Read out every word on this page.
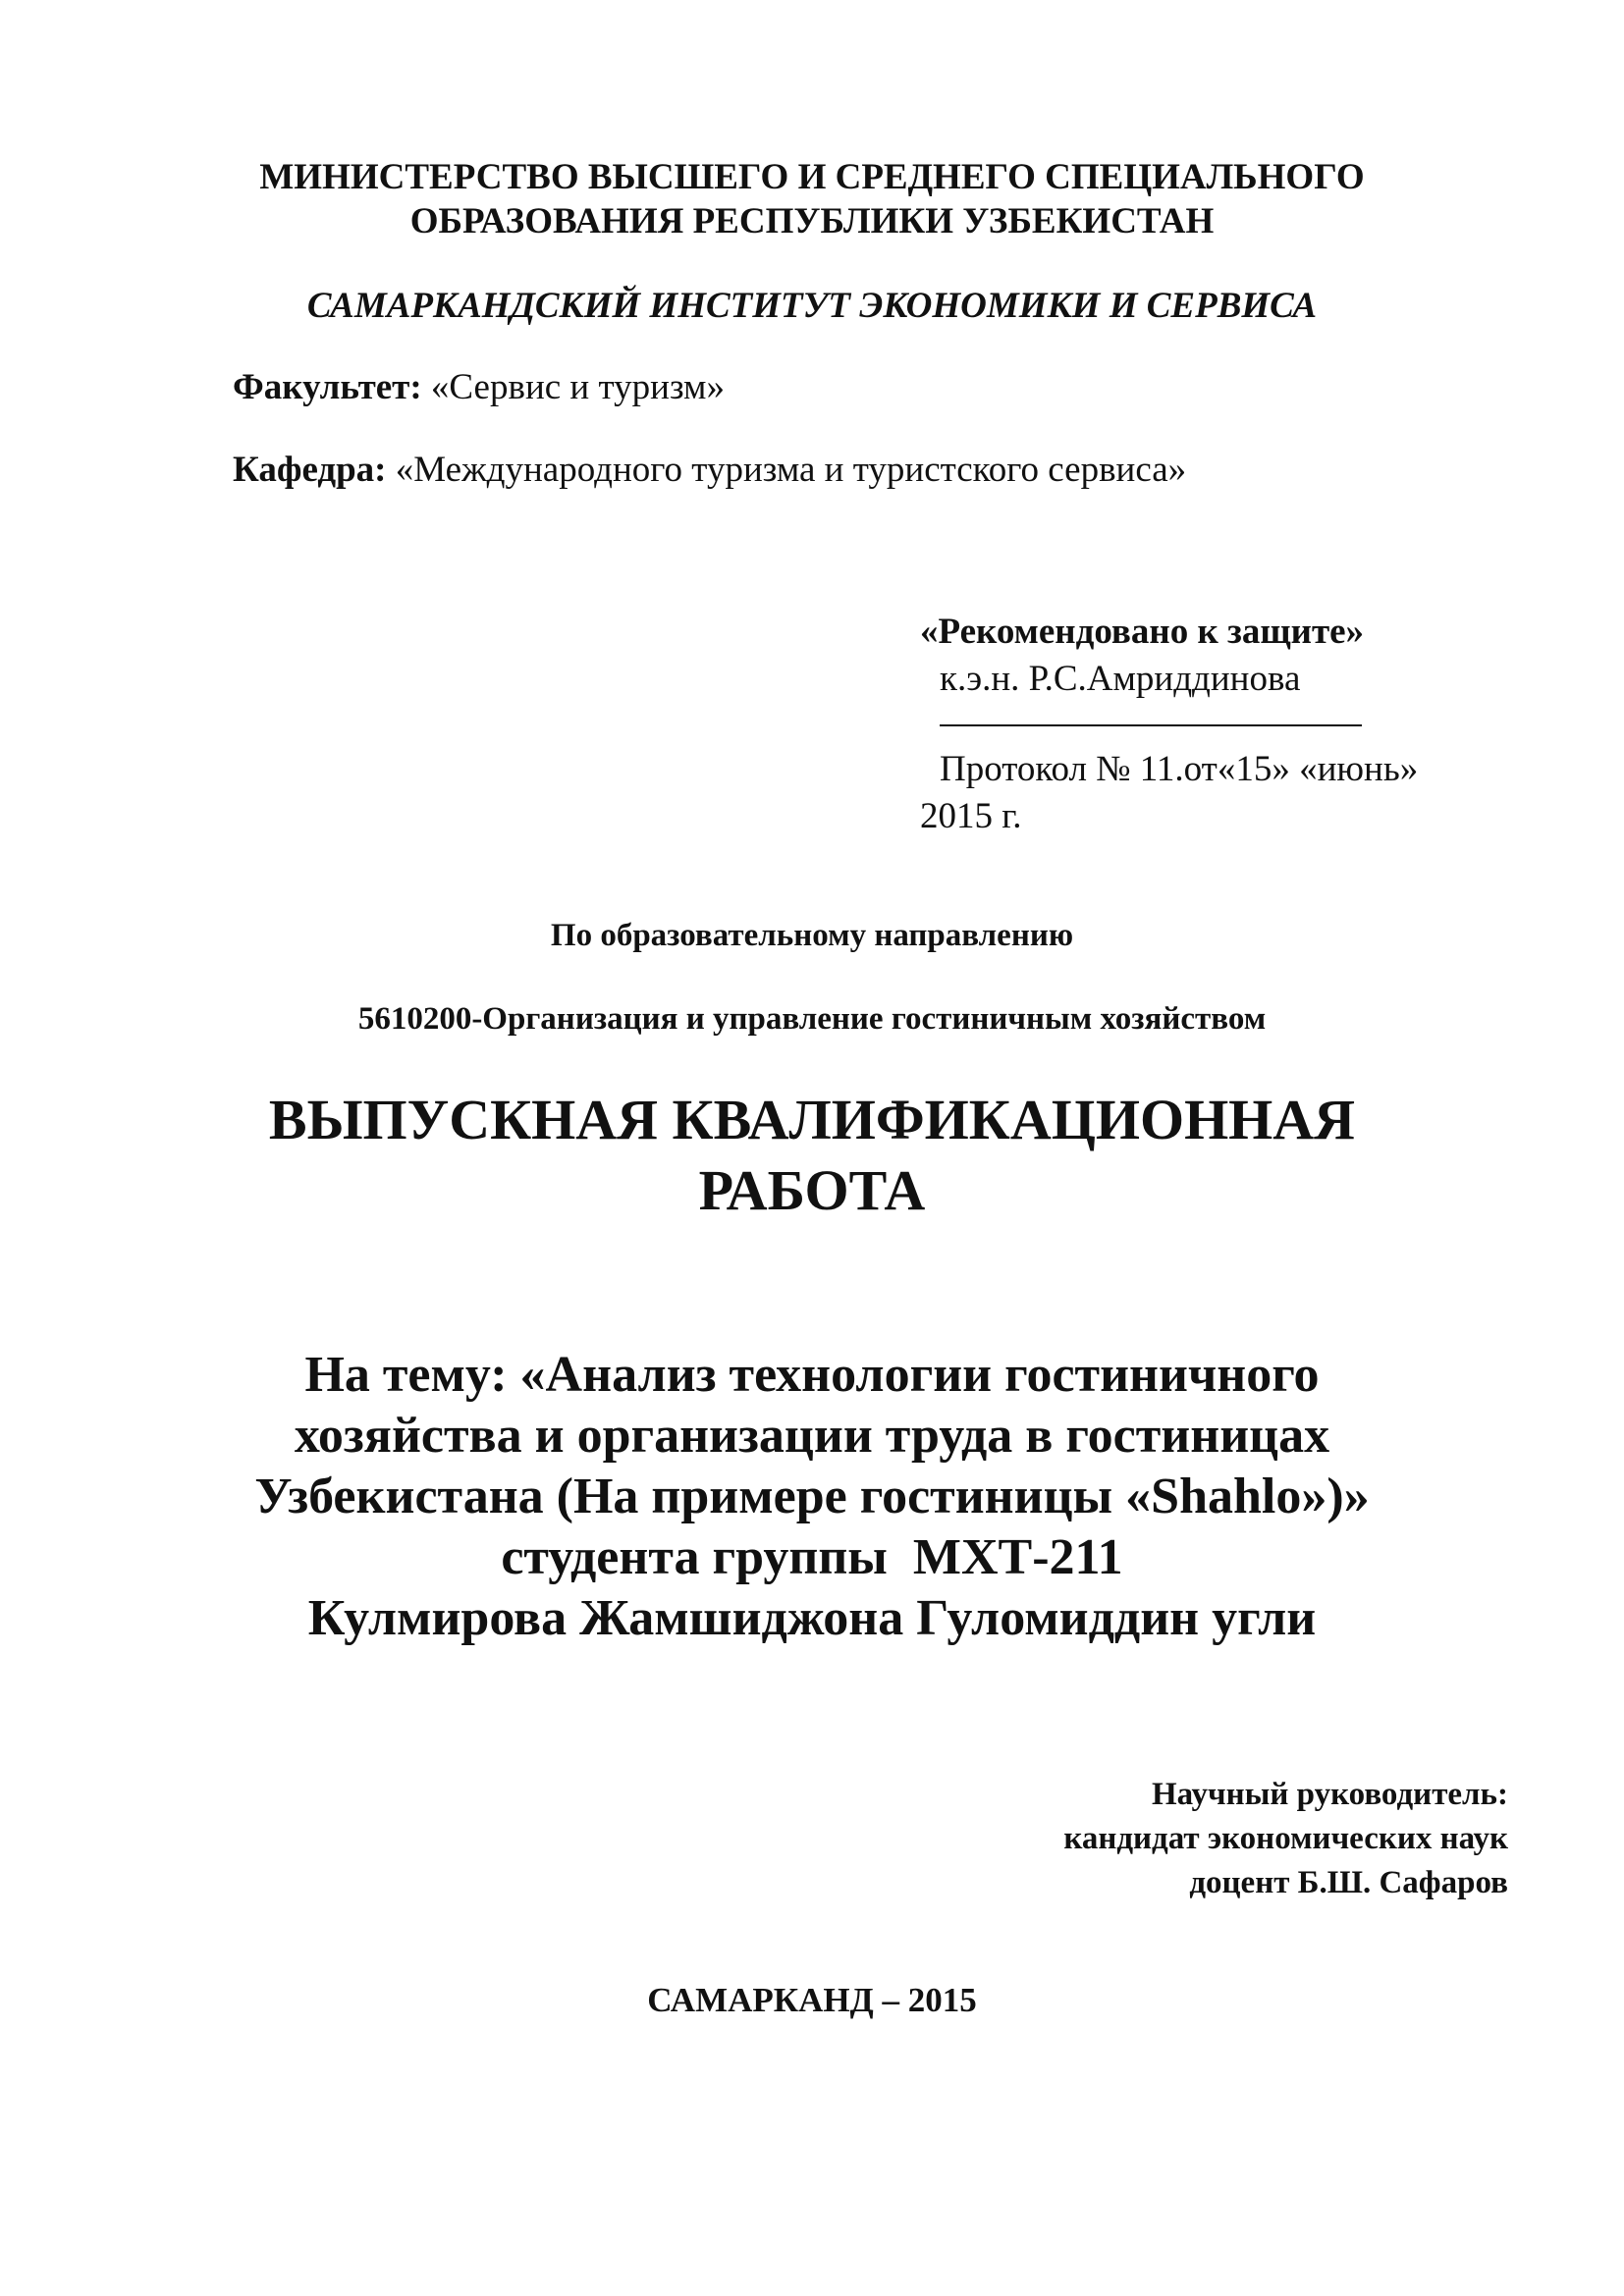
МИНИСТЕРСТВО ВЫСШЕГО И СРЕДНЕГО СПЕЦИАЛЬНОГО
ОБРАЗОВАНИЯ РЕСПУБЛИКИ УЗБЕКИСТАН
САМАРКАНДСКИЙ ИНСТИТУТ ЭКОНОМИКИ И СЕРВИСА
Факультет: «Сервис и туризм»
Кафедра: «Международного туризма и туристского сервиса»
«Рекомендовано к защите»
к.э.н. Р.С.Амриддинова
Протокол № 11.от«15» «июнь»
2015 г.
По образовательному направлению
5610200-Организация и управление гостиничным хозяйством
ВЫПУСКНАЯ КВАЛИФИКАЦИОННАЯ
РАБОТА
На тему: «Анализ технологии гостиничного
хозяйства и организации труда в гостиницах
Узбекистана (На примере гостиницы «Shahlo»)»
студента группы  МХТ-211
Кулмирова Жамшиджона Гуломиддин угли
Научный руководитель:
кандидат экономических наук
доцент Б.Ш. Сафаров
САМАРКАНД – 2015
